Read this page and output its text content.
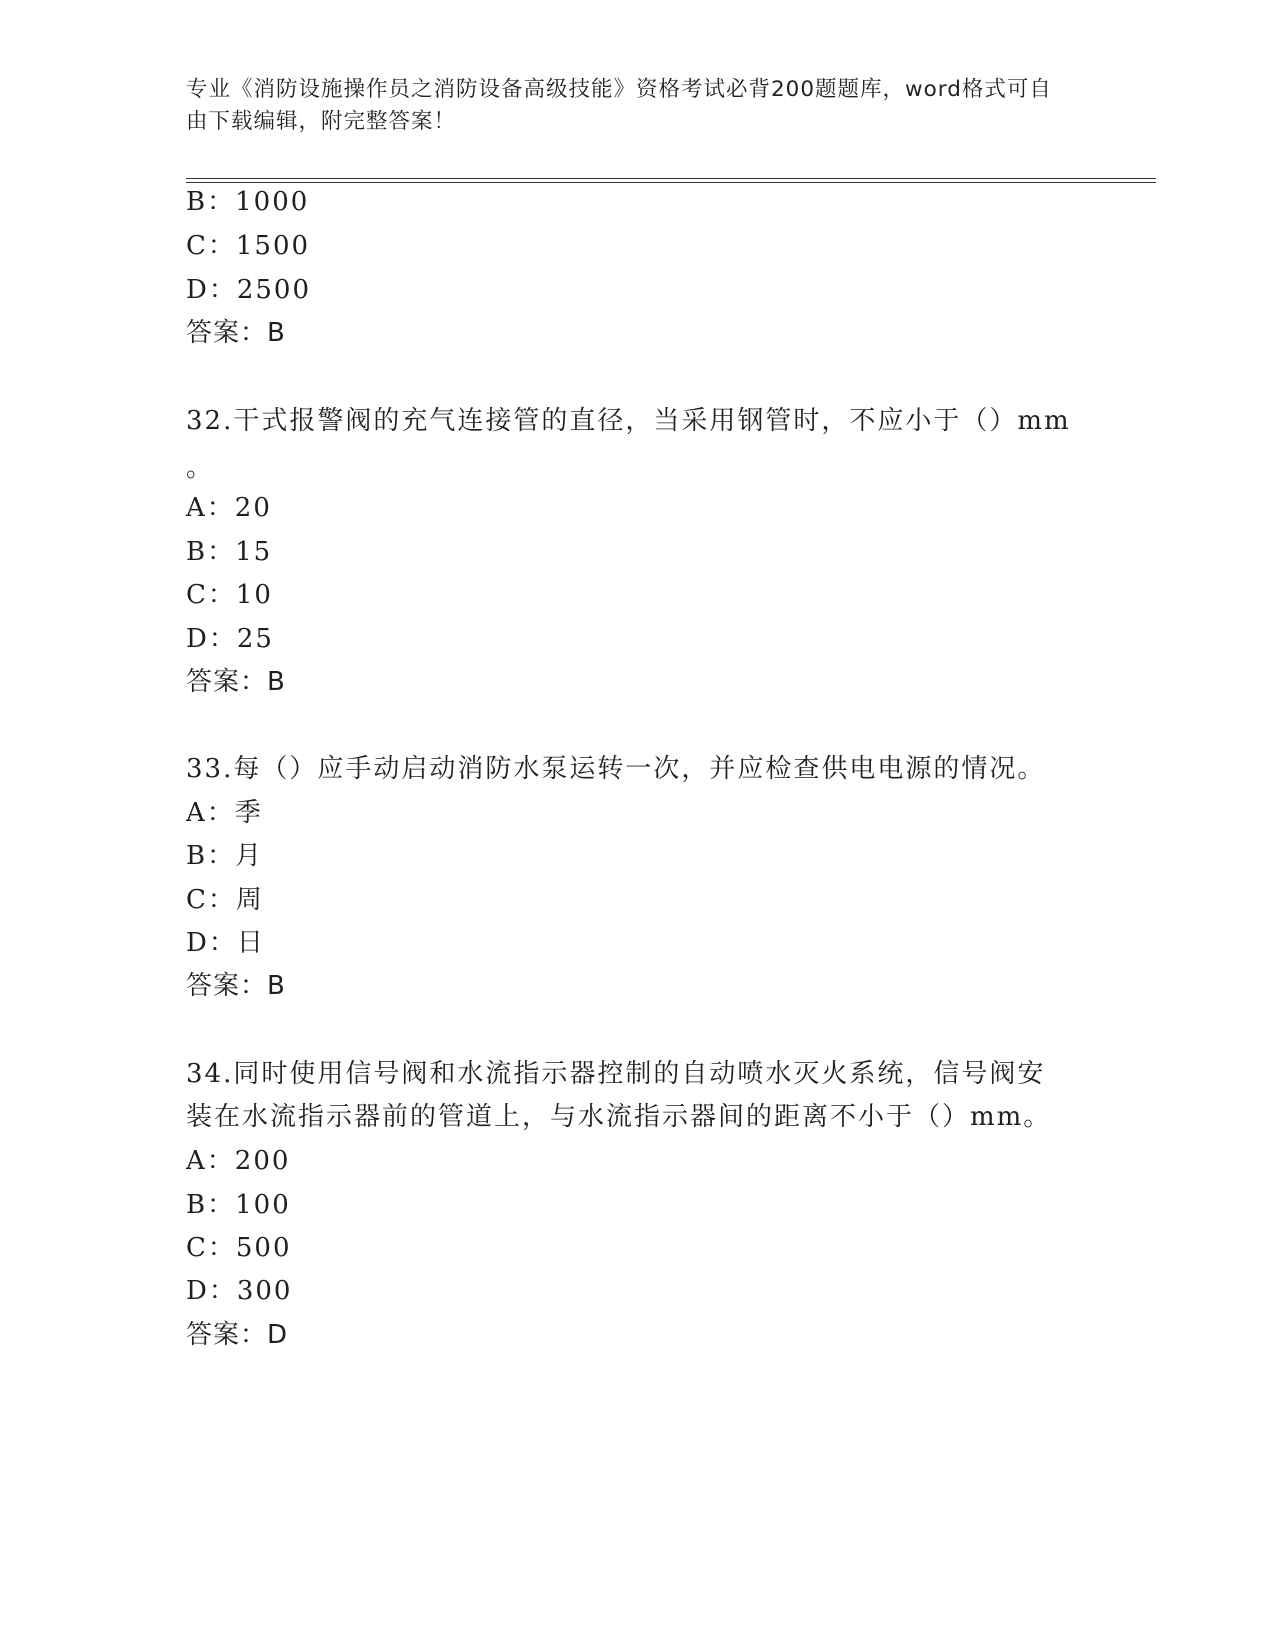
专业《消防设施操作员之消防设备高级技能》资格考试必背200题题库，word格式可自由下载编辑，附完整答案！
B：1000
C：1500
D：2500
答案：B
32.干式报警阀的充气连接管的直径，当采用钢管时，不应小于（）mm
。
A：20
B：15
C：10
D：25
答案：B
33.每（）应手动启动消防水泵运转一次，并应检查供电电源的情况。
A：季
B：月
C：周
D：日
答案：B
34.同时使用信号阀和水流指示器控制的自动喷水灭火系统，信号阀安
装在水流指示器前的管道上，与水流指示器间的距离不小于（）mm。
A：200
B：100
C：500
D：300
答案：D
